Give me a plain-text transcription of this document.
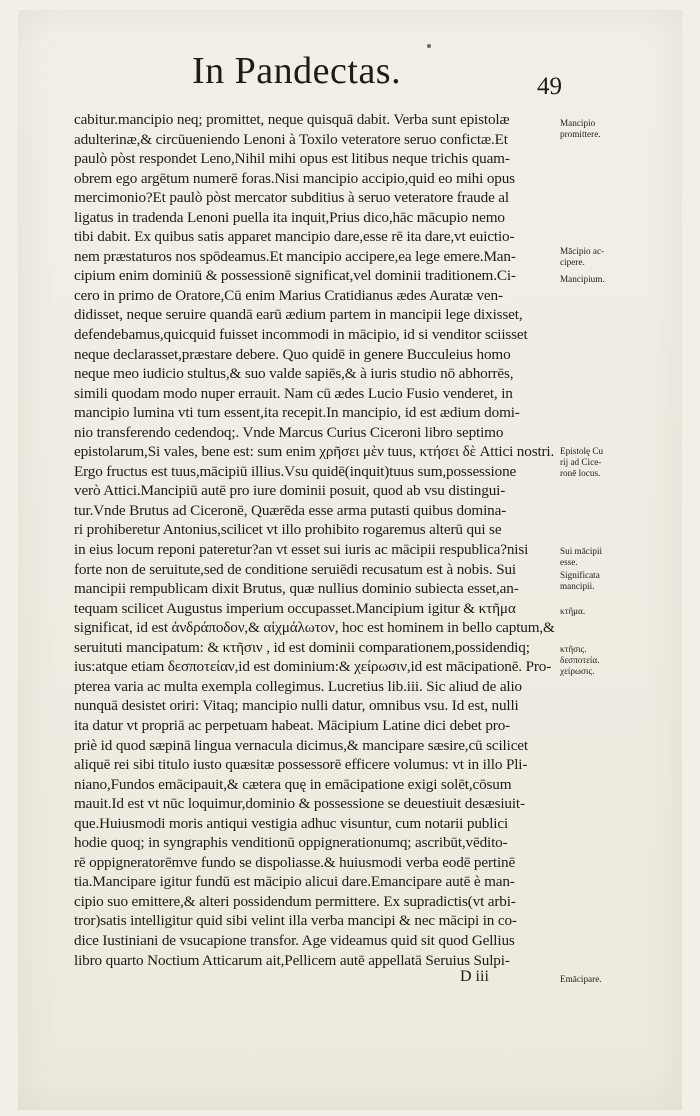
In Pandectas.	49
cabitur.mancipio neq; promittet, neque quisquā dabit. Verba sunt epistolæ
adulterinæ,& circūueniendo Lenoni à Toxilo veteratore seruo confictæ.Et
paulò pòst respondet Leno,Nihil mihi opus est litibus neque trichis quam-
obrem ego argētum numerē foras.Nisi mancipio accipio,quid eo mihi opus
mercimonio?Et paulò pòst mercator subditius à seruo veteratore fraude al
ligatus in tradenda Lenoni puella ita inquit,Prius dico,hāc mācupio nemo
tibi dabit. Ex quibus satis apparet mancipio dare,esse rē ita dare,vt euictio-
nem præstaturos nos spōdeamus.Et mancipio accipere,ea lege emere.Man-
cipium enim dominiū & possessionē significat,vel dominii traditionem.Ci-
cero in primo de Oratore,Cū enim Marius Cratidianus ædes Auratæ ven-
didisset, neque seruire quandā earū ædium partem in mancipii lege dixisset,
defendebamus,quicquid fuisset incommodi in mācipio, id si venditor sciisset
neque declarasset,præstare debere. Quo quidē in genere Bucculeius homo
neque meo iudicio stultus,& suo valde sapiēs,& à iuris studio nō abhorrēs,
simili quodam modo nuper errauit. Nam cū ædes Lucio Fusio venderet, in
mancipio lumina vti tum essent,ita recepit.In mancipio, id est ædium domi-
nio transferendo cedendoq;. Vnde Marcus Curius Ciceroni libro septimo
epistolarum,Si vales, bene est: sum enim χρῆσει μὲν tuus, κτήσει δὲ Attici nostri.
Ergo fructus est tuus,mācipiū illius.Vsu quidē(inquit)tuus sum,possessione
verò Attici.Mancipiū autē pro iure dominii posuit, quod ab vsu distingui-
tur.Vnde Brutus ad Ciceronē, Quærēda esse arma putasti quibus domina-
ri prohiberetur Antonius,scilicet vt illo prohibito rogaremus alterū qui se
in eius locum reponi pateretur?an vt esset sui iuris ac mācipii respublica?nisi
forte non de seruitute,sed de conditione seruiēdi recusatum est à nobis. Sui
mancipii rempublicam dixit Brutus, quæ nullius dominio subiecta esset,an-
tequam scilicet Augustus imperium occupasset.Mancipium igitur & κτῆμα
significat, id est ἀνδράποδον,& αἰχμάλωτον, hoc est hominem in bello captum,&
seruituti mancipatum: & κτῆσιν , id est dominii comparationem,possidendiq;
ius:atque etiam δεσποτείαν,id est dominium:& χείρωσιν,id est mācipationē. Pro-
pterea varia ac multa exempla collegimus. Lucretius lib.iii. Sic aliud de alio
nunquā desistet oriri: Vitaq; mancipio nulli datur, omnibus vsu. Id est, nulli
ita datur vt propriā ac perpetuam habeat. Mācipium Latine dici debet pro-
priè id quod sæpinā lingua vernacula dicimus,& mancipare sæsire,cū scilicet
aliquē rei sibi titulo iusto quæsitæ possessorē efficere volumus: vt in illo Pli-
niano,Fundos emācipauit,& cætera quę in emācipatione exigi solēt,cōsum
mauit.Id est vt nūc loquimur,dominio & possessione se deuestiuit desæsiuit-
que.Huiusmodi moris antiqui vestigia adhuc visuntur, cum notarii publici
hodie quoq; in syngraphis venditionū oppignerationumq; ascribūt,vēdito-
rē oppigneratorēmve fundo se dispoliasse.& huiusmodi verba eodē pertinē
tia.Mancipare igitur fundū est mācipio alicui dare.Emancipare autē è man-
cipio suo emittere,& alteri possidendum permittere. Ex supradictis(vt arbi-
tror)satis intelligitur quid sibi velint illa verba mancipi & nec mācipi in co-
dice Iustiniani de vsucapione transfor. Age videamus quid sit quod Gellius
libro quarto Noctium Atticarum ait,Pellicem autē appellatā Seruius Sulpi-
Mancipio
promittere.
Mācipio ac-
cipere.
Mancipium.
Epistolę Cu
rij ad Cice-
ronē locus.
Sui mācipii
esse.
Significata
mancipii.
κτῆμα.
κτῆσις.
δεσποτεία.
χείρωσις.
Emācipare.
D iii
